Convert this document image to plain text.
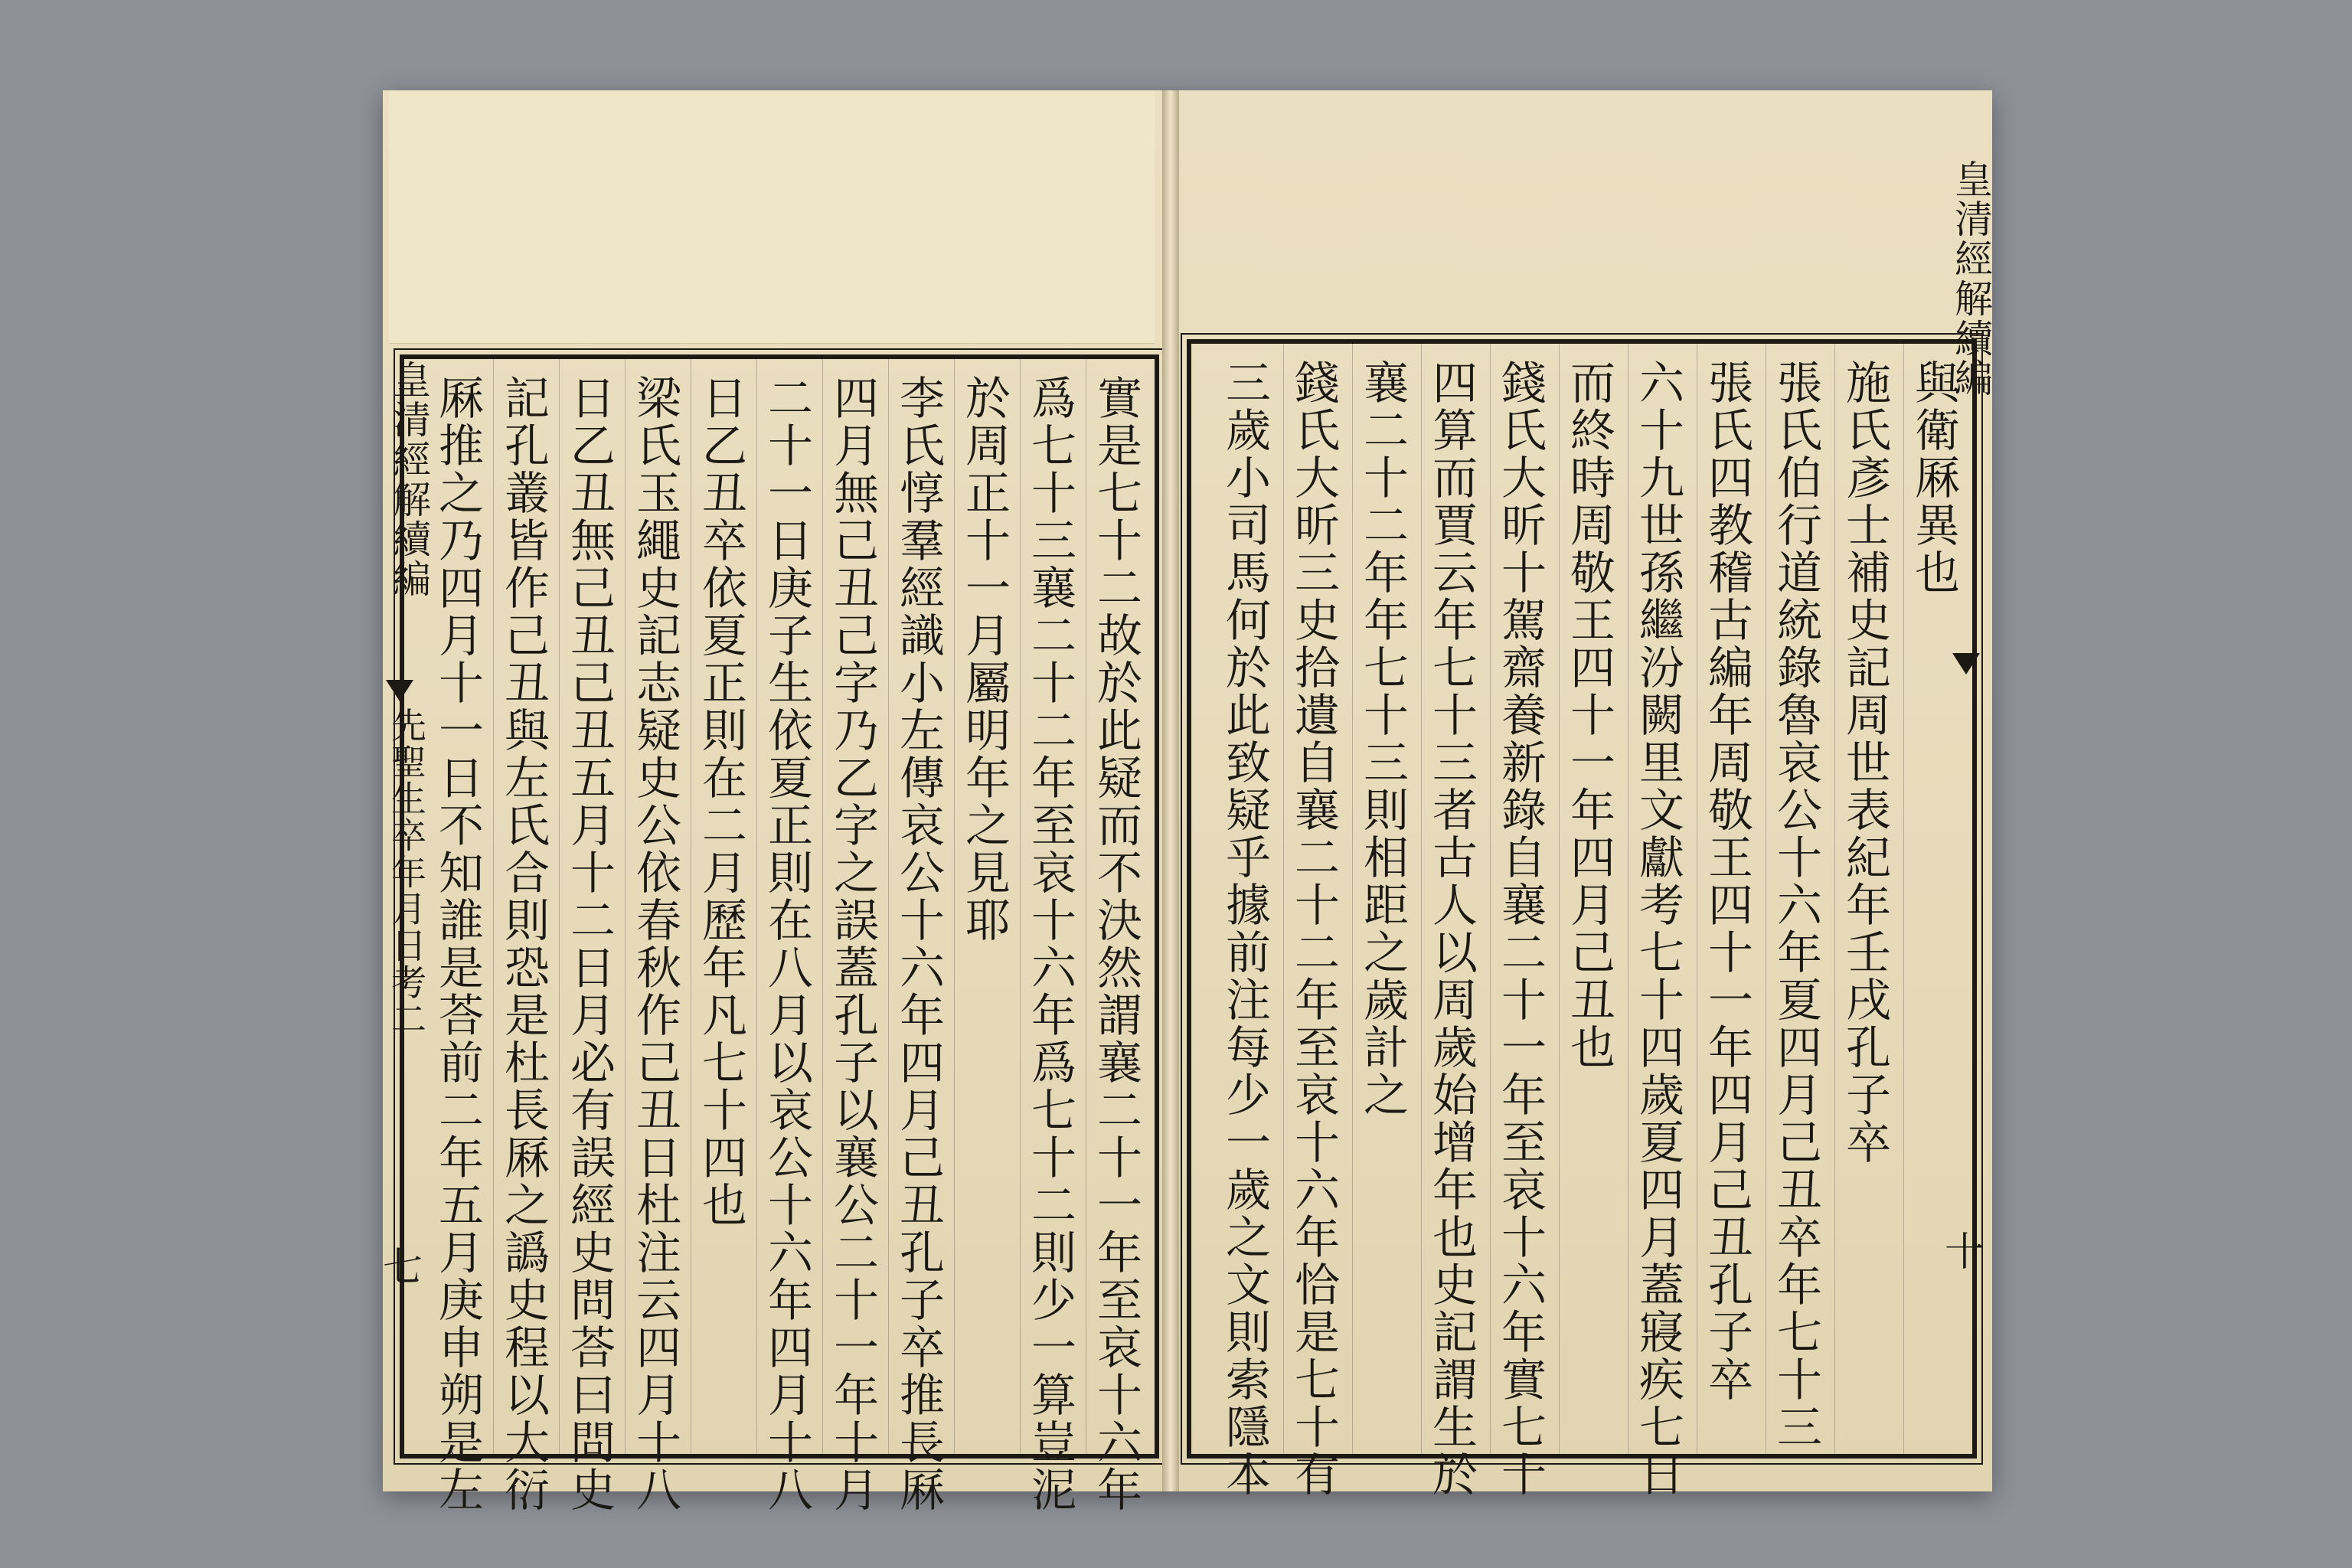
實是七十二故於此疑而不決然謂襄二十一年至哀十六年
爲七十三襄二十二年至哀十六年爲七十二則少一算豈泥
於周正十一月屬明年之見耶
李氏惇羣經識小左傳哀公十六年四月己丑孔子卒推長厤
四月無己丑己字乃乙字之誤蓋孔子以襄公二十一年十月
二十一日庚子生依夏正則在八月以哀公十六年四月十八
日乙丑卒依夏正則在二月歷年凡七十四也
梁氏玉繩史記志疑史公依春秋作己丑日杜注云四月十八
日乙丑無己丑己丑五月十二日月必有誤經史問荅曰問史
記孔叢皆作己丑與左氏合則恐是杜長厤之譌史程以大衍
厤推之乃四月十一日不知誰是荅前二年五月庚申朔是左
皇清經解續編
先聖生卒年月日考二
七
與衛厤異也
施氏彥士補史記周世表紀年壬戌孔子卒
張氏伯行道統錄魯哀公十六年夏四月己丑卒年七十三
張氏四教稽古編年周敬王四十一年四月己丑孔子卒
六十九世孫繼汾闕里文獻考七十四歲夏四月蓋寢疾七日
而終時周敬王四十一年四月己丑也
錢氏大昕十駕齋養新錄自襄二十一年至哀十六年實七十
四算而賈云年七十三者古人以周歲始增年也史記謂生於
襄二十二年年七十三則相距之歲計之
錢氏大昕三史拾遺自襄二十二年至哀十六年恰是七十有
三歲小司馬何於此致疑乎據前注每少一歲之文則索隱本
皇清經解續編
十
